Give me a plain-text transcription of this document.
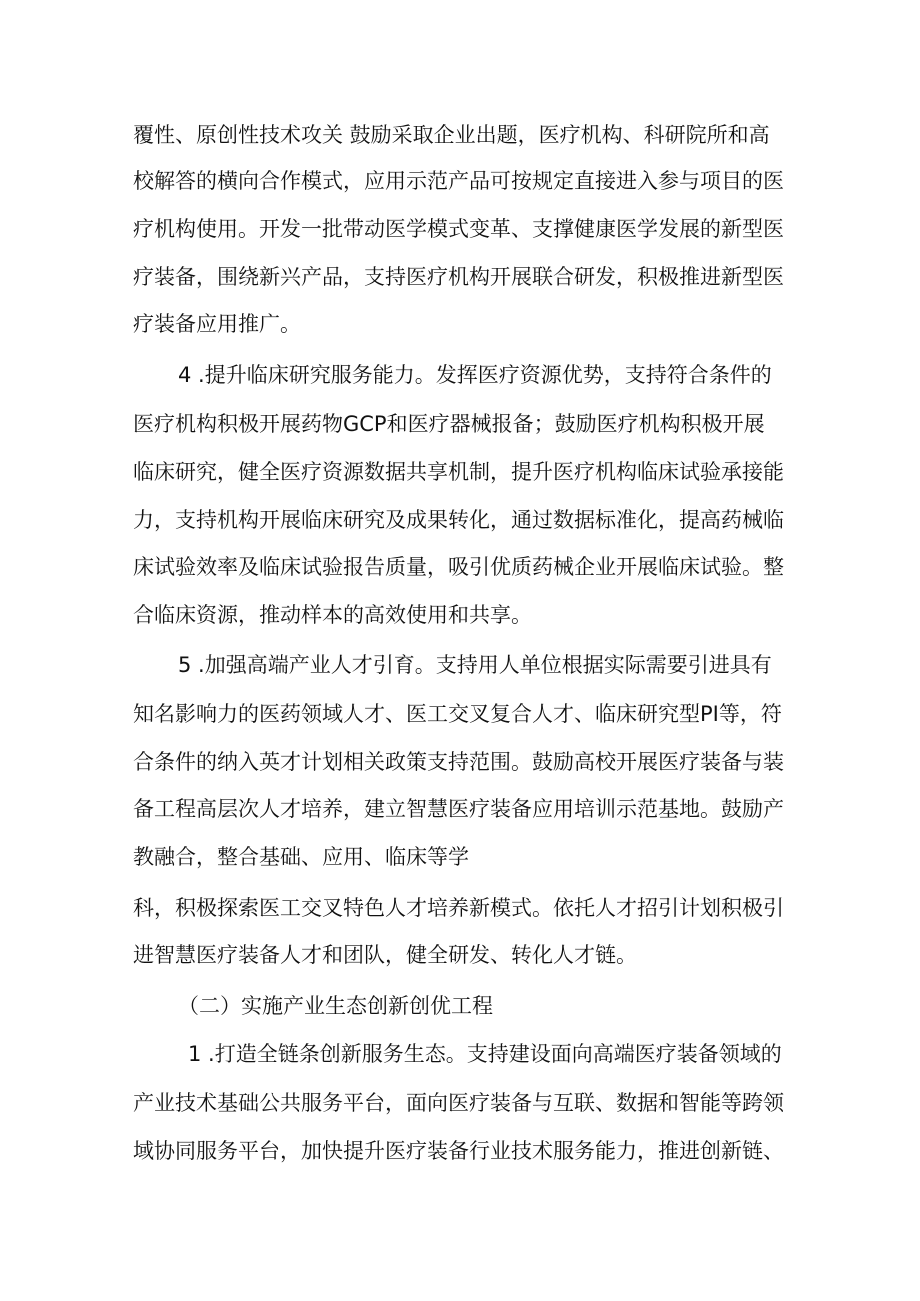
覆性、原创性技术攻关 鼓励采取企业出题，医疗机构、科研院所和高
校解答的横向合作模式，应用示范产品可按规定直接进入参与项目的医
疗机构使用。开发一批带动医学模式变革、支撑健康医学发展的新型医
疗装备，围绕新兴产品，支持医疗机构开展联合研发，积极推进新型医
疗装备应用推广。
4 .提升临床研究服务能力。发挥医疗资源优势，支持符合条件的
医疗机构积极开展药物GCP和医疗器械报备；鼓励医疗机构积极开展
临床研究，健全医疗资源数据共享机制，提升医疗机构临床试验承接能
力，支持机构开展临床研究及成果转化，通过数据标准化，提高药械临
床试验效率及临床试验报告质量，吸引优质药械企业开展临床试验。整
合临床资源，推动样本的高效使用和共享。
5 .加强高端产业人才引育。支持用人单位根据实际需要引进具有
知名影响力的医药领域人才、医工交叉复合人才、临床研究型PI等，符
合条件的纳入英才计划相关政策支持范围。鼓励高校开展医疗装备与装
备工程高层次人才培养，建立智慧医疗装备应用培训示范基地。鼓励产
教融合，整合基础、应用、临床等学
科，积极探索医工交叉特色人才培养新模式。依托人才招引计划积极引
进智慧医疗装备人才和团队，健全研发、转化人才链。
（二）实施产业生态创新创优工程
1 .打造全链条创新服务生态。支持建设面向高端医疗装备领域的
产业技术基础公共服务平台，面向医疗装备与互联、数据和智能等跨领
域协同服务平台，加快提升医疗装备行业技术服务能力，推进创新链、
